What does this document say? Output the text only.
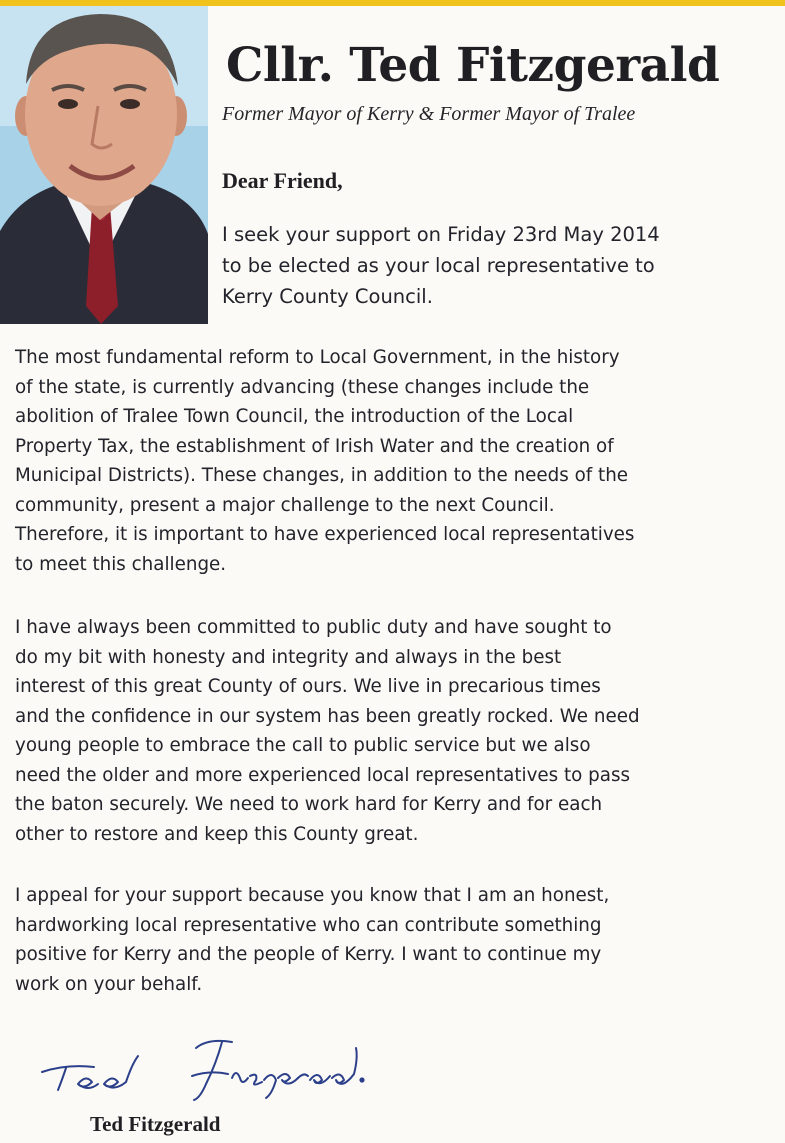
Cllr. Ted Fitzgerald

Former Mayor of Kerry & Former Mayor of Tralee

Dear Friend,

I seek your support on Friday 23rd May 2014
to be elected as your local representative to
Kerry County Council.

The most fundamental reform to Local Government, in the history
of the state, is currently advancing (these changes include the
abolition of Tralee Town Council, the introduction of the Local
Property Tax, the establishment of Irish Water and the creation of
Municipal Districts). These changes, in addition to the needs of the
community, present a major challenge to the next Council.
Therefore, it is important to have experienced local representatives
to meet this challenge.

I have always been committed to public duty and have sought to
do my bit with honesty and integrity and always in the best
interest of this great County of ours. We live in precarious times
and the confidence in our system has been greatly rocked. We need
young people to embrace the call to public service but we also
need the older and more experienced local representatives to pass
the baton securely. We need to work hard for Kerry and for each
other to restore and keep this County great.

I appeal for your support because you know that I am an honest,
hardworking local representative who can contribute something
positive for Kerry and the people of Kerry. I want to continue my
work on your behalf.

Ted Fitzgerald
